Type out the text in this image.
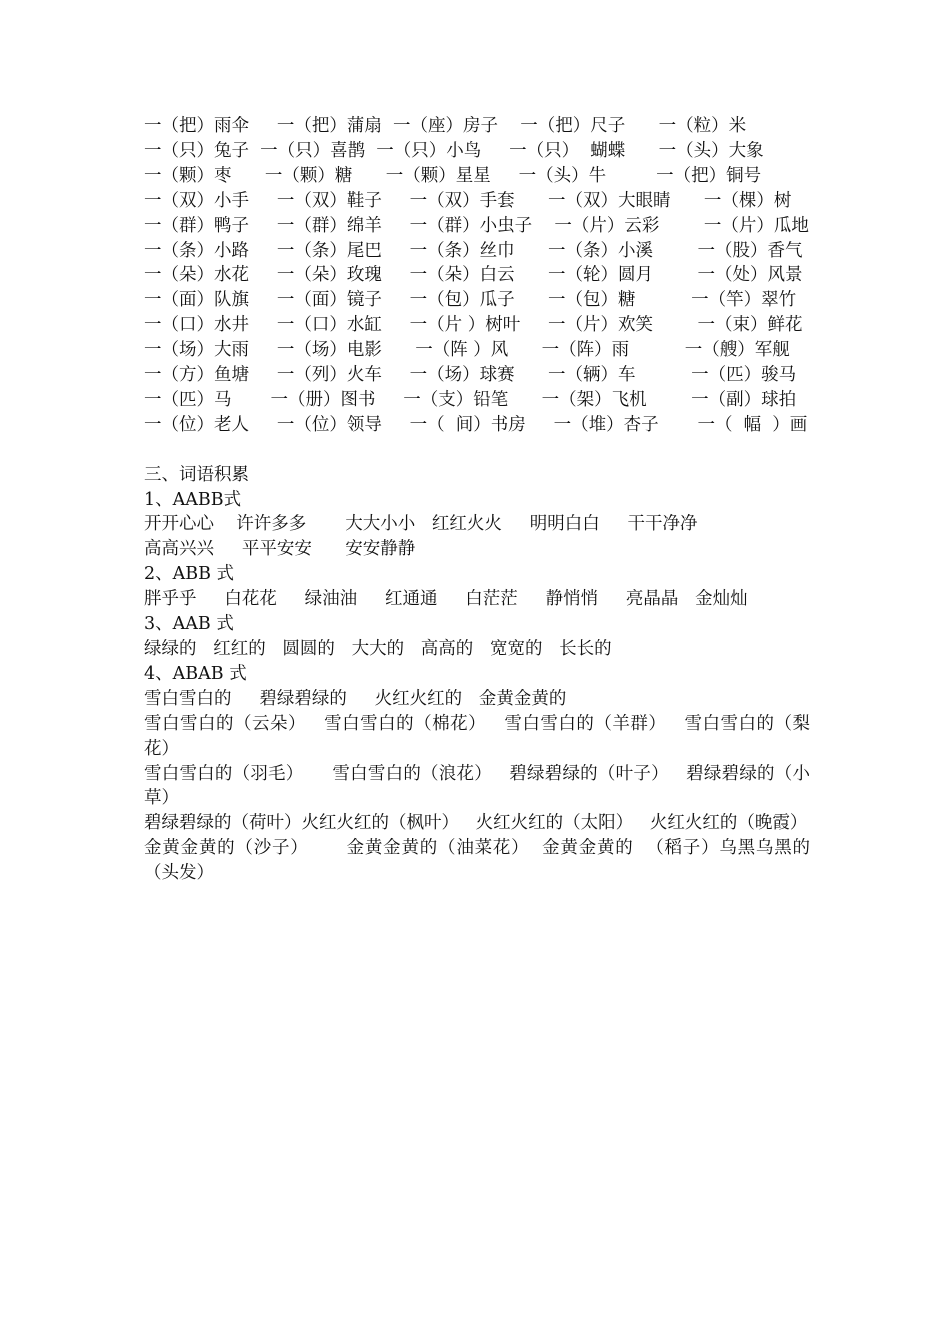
一（把）雨伞     一（把）蒲扇  一（座）房子    一（把）尺子      一（粒）米

一（只）兔子  一（只）喜鹊  一（只）小鸟     一（只）  蝴蝶      一（头）大象

一（颗）枣      一（颗）糖      一（颗）星星     一（头）牛         一（把）铜号

一（双）小手     一（双）鞋子     一（双）手套      一（双）大眼睛      一（棵）树

一（群）鸭子     一（群）绵羊     一（群）小虫子    一（片）云彩        一（片）瓜地

一（条）小路     一（条）尾巴     一（条）丝巾      一（条）小溪        一（股）香气

一（朵）水花     一（朵）玫瑰     一（朵）白云      一（轮）圆月        一（处）风景

一（面）队旗     一（面）镜子     一（包）瓜子      一（包）糖          一（竿）翠竹

一（口）水井     一（口）水缸     一（片 ）树叶     一（片）欢笑        一（束）鲜花

一（场）大雨     一（场）电影      一（阵 ）风      一（阵）雨          一（艘）军舰

一（方）鱼塘     一（列）火车     一（场）球赛      一（辆）车          一（匹）骏马

一（匹）马       一（册）图书     一（支）铅笔      一（架）飞机        一（副）球拍

一（位）老人     一（位）领导     一（  间）书房     一（堆）杏子       一（  幅  ）画

三、词语积累

1、AABB式

开开心心    许许多多       大大小小   红红火火     明明白白     干干净净

高高兴兴     平平安安      安安静静

2、ABB 式

胖乎乎     白花花     绿油油     红通通     白茫茫     静悄悄     亮晶晶   金灿灿

3、AAB 式

绿绿的   红红的   圆圆的   大大的   高高的   宽宽的   长长的

4、ABAB 式

雪白雪白的     碧绿碧绿的     火红火红的   金黄金黄的

雪白雪白的（云朵）   雪白雪白的（棉花）   雪白雪白的（羊群）   雪白雪白的（梨花）

雪白雪白的（羽毛）     雪白雪白的（浪花）   碧绿碧绿的（叶子）   碧绿碧绿的（小草）

碧绿碧绿的（荷叶）火红火红的（枫叶）   火红火红的（太阳）   火红火红的（晚霞）

金黄金黄的（沙子）      金黄金黄的（油菜花）  金黄金黄的  （稻子）乌黑乌黑的（头发）
